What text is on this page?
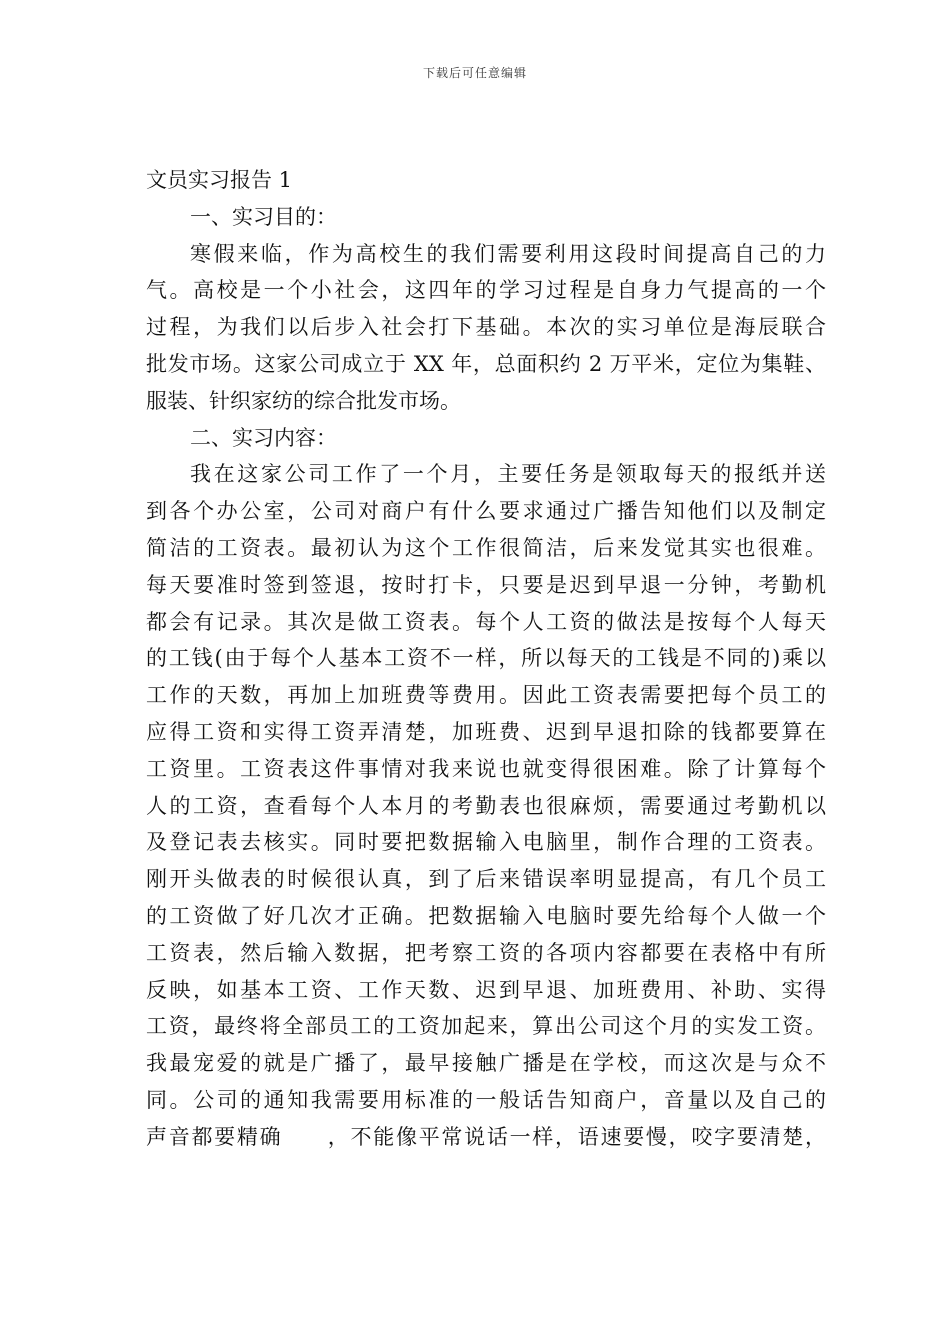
下载后可任意编辑
文员实习报告 1
一、实习目的：
寒假来临，作为高校生的我们需要利用这段时间提高自己的力
气。高校是一个小社会，这四年的学习过程是自身力气提高的一个
过程，为我们以后步入社会打下基础。本次的实习单位是海辰联合
批发市场。这家公司成立于 XX 年，总面积约 2 万平米，定位为集鞋、
服装、针织家纺的综合批发市场。
二、实习内容：
我在这家公司工作了一个月，主要任务是领取每天的报纸并送
到各个办公室，公司对商户有什么要求通过广播告知他们以及制定
简洁的工资表。最初认为这个工作很简洁，后来发觉其实也很难。
每天要准时签到签退，按时打卡，只要是迟到早退一分钟，考勤机
都会有记录。其次是做工资表。每个人工资的做法是按每个人每天
的工钱(由于每个人基本工资不一样，所以每天的工钱是不同的)乘以
工作的天数，再加上加班费等费用。因此工资表需要把每个员工的
应得工资和实得工资弄清楚，加班费、迟到早退扣除的钱都要算在
工资里。工资表这件事情对我来说也就变得很困难。除了计算每个
人的工资，查看每个人本月的考勤表也很麻烦，需要通过考勤机以
及登记表去核实。同时要把数据输入电脑里，制作合理的工资表。
刚开头做表的时候很认真，到了后来错误率明显提高，有几个员工
的工资做了好几次才正确。把数据输入电脑时要先给每个人做一个
工资表，然后输入数据，把考察工资的各项内容都要在表格中有所
反映，如基本工资、工作天数、迟到早退、加班费用、补助、实得
工资，最终将全部员工的工资加起来，算出公司这个月的实发工资。
我最宠爱的就是广播了，最早接触广播是在学校，而这次是与众不
同。公司的通知我需要用标准的一般话告知商户，音量以及自己的
声音都要精确　　，不能像平常说话一样，语速要慢，咬字要清楚，
